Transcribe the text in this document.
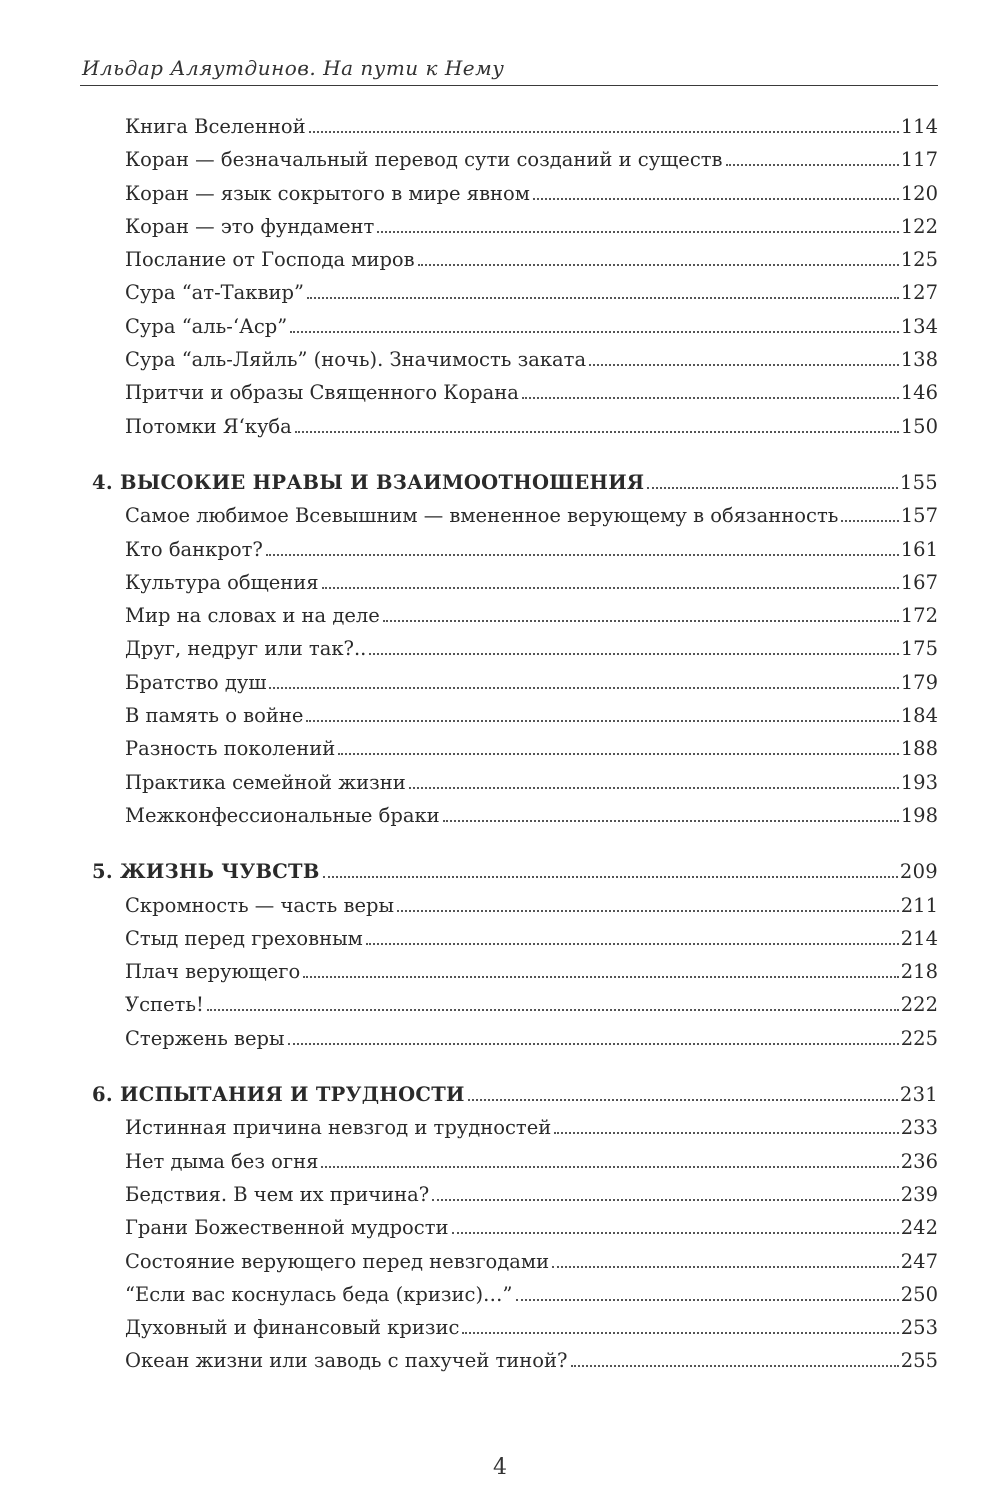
Ильдар Аляутдинов. На пути к Нему
Книга Вселенной	114
Коран — безначальный перевод сути созданий и существ	117
Коран — язык сокрытого в мире явном	120
Коран — это фундамент	122
Послание от Господа миров	125
Сура “ат-Таквир”	127
Сура “аль-‘Аср”	134
Сура “аль-Ляйль” (ночь). Значимость заката	138
Притчи и образы Священного Корана	146
Потомки Я‘куба	150
4. ВЫСОКИЕ НРАВЫ И ВЗАИМООТНОШЕНИЯ	155
Самое любимое Всевышним — вмененное верующему в обязанность	157
Кто банкрот?	161
Культура общения	167
Мир на словах и на деле	172
Друг, недруг или так?..	175
Братство душ	179
В память о войне	184
Разность поколений	188
Практика семейной жизни	193
Межконфессиональные браки	198
5. ЖИЗНЬ ЧУВСТВ	209
Скромность — часть веры	211
Стыд перед греховным	214
Плач верующего	218
Успеть!	222
Стержень веры	225
6. ИСПЫТАНИЯ И ТРУДНОСТИ	231
Истинная причина невзгод и трудностей	233
Нет дыма без огня	236
Бедствия. В чем их причина?	239
Грани Божественной мудрости	242
Состояние верующего перед невзгодами	247
“Если вас коснулась беда (кризис)…”	250
Духовный и финансовый кризис	253
Океан жизни или заводь с пахучей тиной?	255
4
